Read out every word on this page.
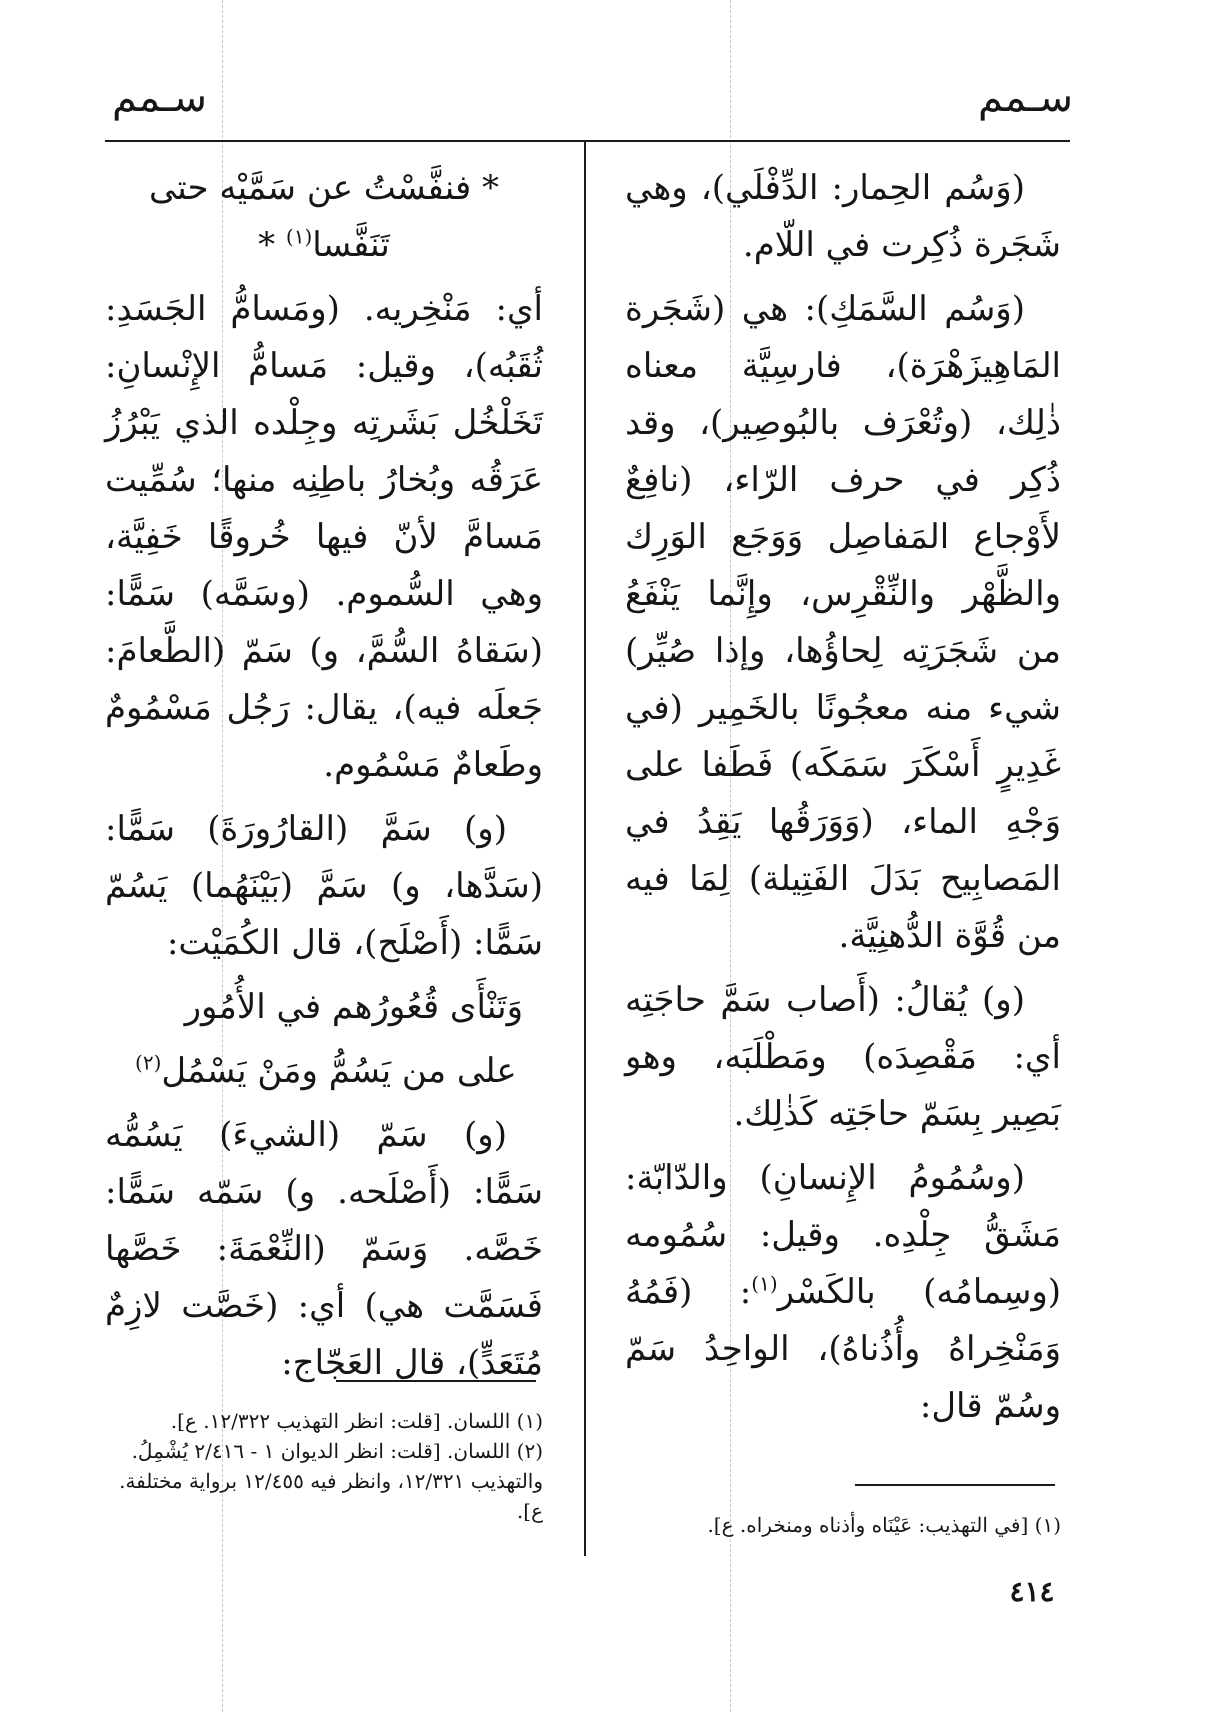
سـمم
سـمم

(وَسُم الحِمار: الدِّفْلَي)، وهي شَجَرة ذُكِرت في اللّام.

(وَسُم السَّمَكِ): هي (شَجَرة المَاهِيزَهْرَة)، فارسِيَّة معناه ذٰلِك، (وتُعْرَف بالبُوصِير)، وقد ذُكِر في حرف الرّاء، (نافِعٌ لأَوْجاع المَفاصِل وَوَجَع الوَرِك والظَّهْر والنِّقْرِس، وإِنَّما يَنْفَعُ من شَجَرَتِه لِحاؤُها، وإذا صُيِّر) شيء منه معجُونًا بالخَمِير (في غَدِيرٍ أَسْكَرَ سَمَكَه) فَطَفا على وَجْهِ الماء، (وَوَرَقُها يَقِدُ في المَصابِيح بَدَلَ الفَتِيلة) لِمَا فيه من قُوَّة الدُّهنِيَّة.

(و) يُقالُ: (أَصاب سَمَّ حاجَتِه أي: مَقْصِدَه) ومَطْلَبَه، وهو بَصِير بِسَمّ حاجَتِه كَذٰلِك.

(وسُمُومُ الإِنسانِ) والدّابّة: مَشَقُّ جِلْدِه. وقيل: سُمُومه (وسِمامُه) بالكَسْر$^{(١)}$: (فَمُهُ وَمَنْخِراهُ وأُذُناهُ)، الواحِدُ سَمّ وسُمّ قال:

* فنفَّسْتُ عن سَمَّيْه حتى تَنَفَّسا$^{(١)}$ *

أي: مَنْخِريه. (ومَسامُّ الجَسَدِ: ثُقَبُه)، وقيل: مَسامُّ الإِنْسانِ: تَخَلْخُل بَشَرتِه وجِلْده الذي يَبْرُزُ عَرَقُه وبُخارُ باطِنِه منها؛ سُمِّيت مَسامَّ لأنّ فيها خُروقًا خَفِيَّة، وهي السُّموم. (وسَمَّه) سَمًّا: (سَقاهُ السُّمَّ، و) سَمّ (الطَّعامَ: جَعلَه فيه)، يقال: رَجُل مَسْمُومٌ وطَعامٌ مَسْمُوم.

(و) سَمَّ (القارُورَةَ) سَمًّا: (سَدَّها، و) سَمَّ (بَيْنَهُما) يَسُمّ سَمًّا: (أَصْلَح)، قال الكُمَيْت:

وَتَنْأَى قُعُورُهم في الأُمُور
على من يَسُمُّ ومَنْ يَسْمُل$^{(٢)}$

(و) سَمّ (الشيءَ) يَسُمُّه سَمًّا: (أَصْلَحه. و) سَمّه سَمًّا: خَصَّه. وَسَمّ (النِّعْمَةَ: خَصَّها فَسَمَّت هي) أي: (خَصَّت لازِمٌ مُتَعَدٍّ)، قال العَجّاج:

(١) [في التهذيب: عَيْنَاه وأذناه ومنخراه. ع].

(١) اللسان. [قلت: انظر التهذيب ١٢/٣٢٢. ع].

(٢) اللسان. [قلت: انظر الديوان ١ - ٢/٤١٦ يُشْمِلُ. والتهذيب ١٢/٣٢١، وانظر فيه ١٢/٤٥٥ برواية مختلفة. ع].

٤١٤
